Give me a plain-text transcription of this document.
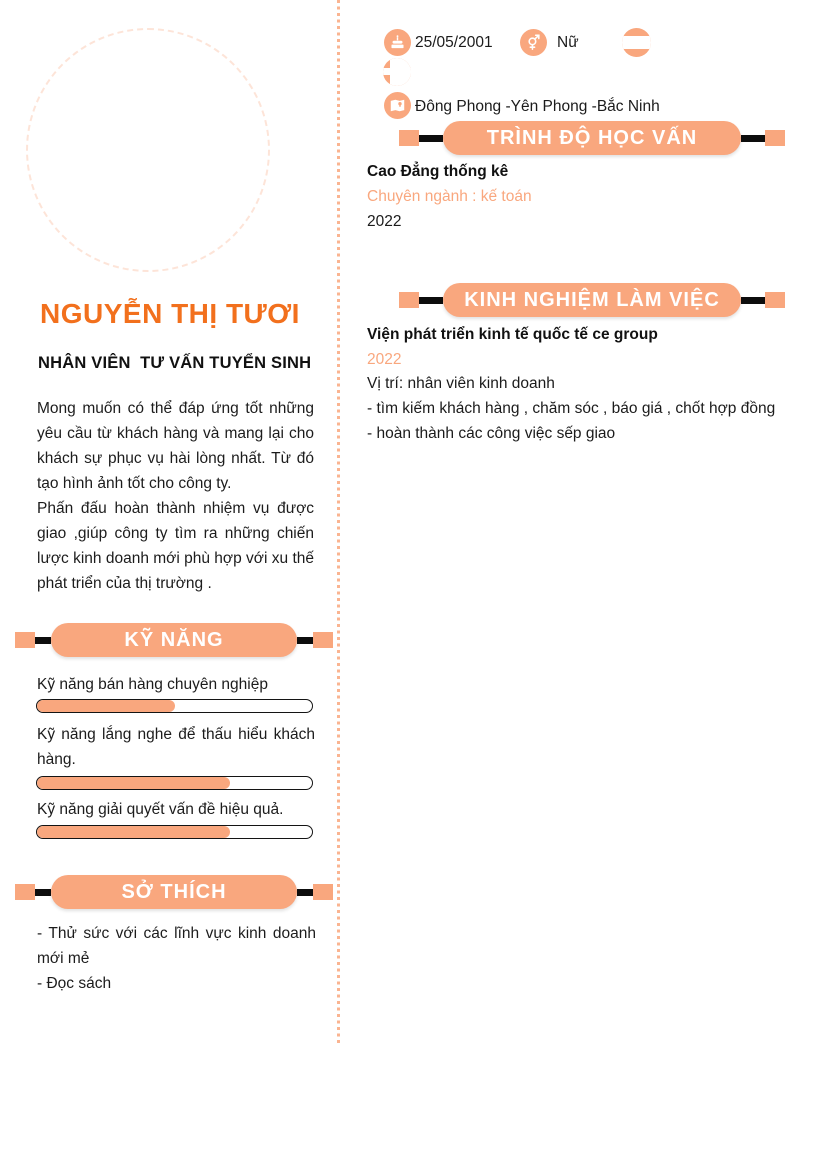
NGUYỄN THỊ TƯƠI
NHÂN VIÊN  TƯ VẤN TUYỂN SINH

Mong muốn có thể đáp ứng tốt những yêu cầu từ khách hàng và mang lại cho khách sự phục vụ hài lòng nhất. Từ đó tạo hình ảnh tốt cho công ty.

Phấn đấu hoàn thành nhiệm vụ được giao ,giúp công ty tìm ra những chiến lược kinh doanh mới phù hợp với xu thế phát triển của thị trường .

KỸ NĂNG
Kỹ năng bán hàng chuyên nghiệp
Kỹ năng lắng nghe để thấu hiểu khách hàng.
Kỹ năng giải quyết vấn đề hiệu quả.
SỞ THÍCH

- Thử sức với các lĩnh vực kinh doanh mới mẻ

- Đọc sách

25/05/2001	Nữ
Đông Phong -Yên Phong -Bắc Ninh
TRÌNH ĐỘ HỌC VẤN
Cao Đẳng thống kê
Chuyên ngành : kế toán
2022
KINH NGHIỆM LÀM VIỆC
Viện phát triển kinh tế quốc tế ce group
2022
Vị trí: nhân viên kinh doanh
- tìm kiếm khách hàng , chăm sóc , báo giá , chốt hợp đồng
- hoàn thành các công việc sếp giao
